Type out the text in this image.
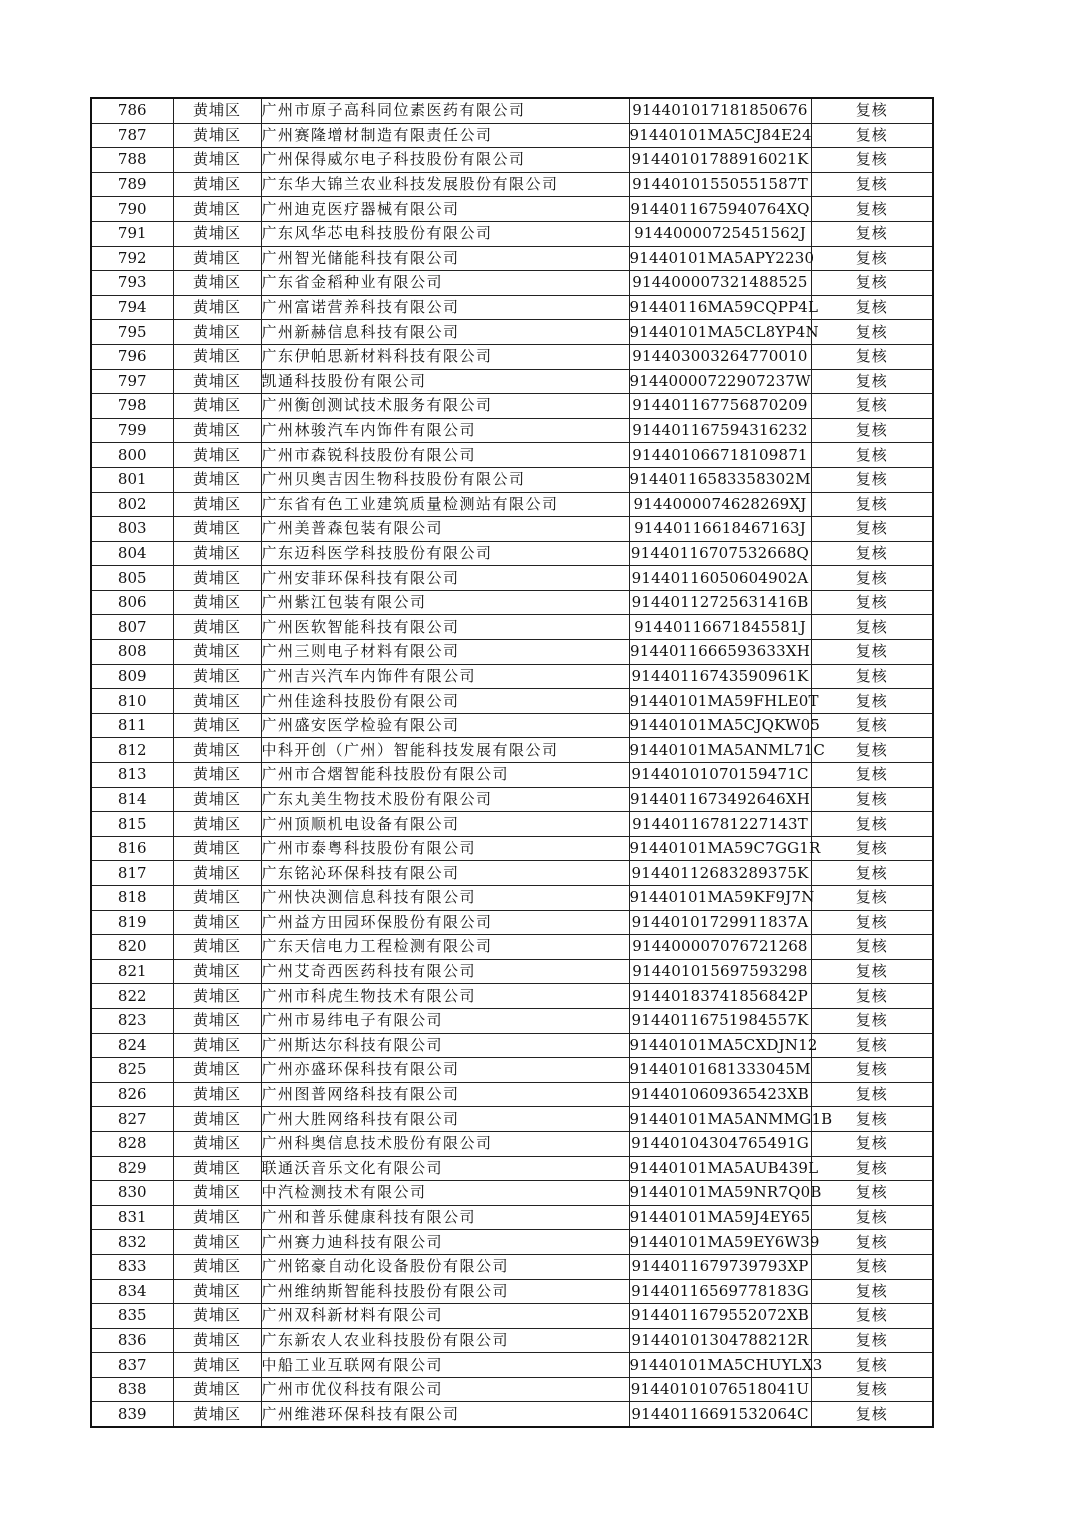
786	黄埔区	广州市原子高科同位素医药有限公司	914401017181850676	复核
787	黄埔区	广州赛隆增材制造有限责任公司	91440101MA5CJ84E24	复核
788	黄埔区	广州保得威尔电子科技股份有限公司	91440101788916021K	复核
789	黄埔区	广东华大锦兰农业科技发展股份有限公司	91440101550551587T	复核
790	黄埔区	广州迪克医疗器械有限公司	9144011675940764XQ	复核
791	黄埔区	广东风华芯电科技股份有限公司	91440000725451562J	复核
792	黄埔区	广州智光储能科技有限公司	91440101MA5APY2230	复核
793	黄埔区	广东省金稻种业有限公司	914400007321488525	复核
794	黄埔区	广州富诺营养科技有限公司	91440116MA59CQPP4L	复核
795	黄埔区	广州新赫信息科技有限公司	91440101MA5CL8YP4N	复核
796	黄埔区	广东伊帕思新材料科技有限公司	914403003264770010	复核
797	黄埔区	凯通科技股份有限公司	91440000722907237W	复核
798	黄埔区	广州衡创测试技术服务有限公司	914401167756870209	复核
799	黄埔区	广州林骏汽车内饰件有限公司	914401167594316232	复核
800	黄埔区	广州市森锐科技股份有限公司	914401066718109871	复核
801	黄埔区	广州贝奥吉因生物科技股份有限公司	91440116583358302M	复核
802	黄埔区	广东省有色工业建筑质量检测站有限公司	9144000074628269XJ	复核
803	黄埔区	广州美普森包装有限公司	91440116618467163J	复核
804	黄埔区	广东迈科医学科技股份有限公司	91440116707532668Q	复核
805	黄埔区	广州安菲环保科技有限公司	91440116050604902A	复核
806	黄埔区	广州紫江包装有限公司	91440112725631416B	复核
807	黄埔区	广州医软智能科技有限公司	91440116671845581J	复核
808	黄埔区	广州三则电子材料有限公司	9144011666593633XH	复核
809	黄埔区	广州吉兴汽车内饰件有限公司	91440116743590961K	复核
810	黄埔区	广州佳途科技股份有限公司	91440101MA59FHLE0T	复核
811	黄埔区	广州盛安医学检验有限公司	91440101MA5CJQKW05	复核
812	黄埔区	中科开创（广州）智能科技发展有限公司	91440101MA5ANML71C	复核
813	黄埔区	广州市合熠智能科技股份有限公司	91440101070159471C	复核
814	黄埔区	广东丸美生物技术股份有限公司	9144011673492646XH	复核
815	黄埔区	广州顶顺机电设备有限公司	91440116781227143T	复核
816	黄埔区	广州市泰粤科技股份有限公司	91440101MA59C7GG1R	复核
817	黄埔区	广东铭沁环保科技有限公司	91440112683289375K	复核
818	黄埔区	广州快决测信息科技有限公司	91440101MA59KF9J7N	复核
819	黄埔区	广州益方田园环保股份有限公司	91440101729911837A	复核
820	黄埔区	广东天信电力工程检测有限公司	914400007076721268	复核
821	黄埔区	广州艾奇西医药科技有限公司	914401015697593298	复核
822	黄埔区	广州市科虎生物技术有限公司	91440183741856842P	复核
823	黄埔区	广州市易纬电子有限公司	91440116751984557K	复核
824	黄埔区	广州斯达尔科技有限公司	91440101MA5CXDJN12	复核
825	黄埔区	广州亦盛环保科技有限公司	91440101681333045M	复核
826	黄埔区	广州图普网络科技有限公司	9144010609365423XB	复核
827	黄埔区	广州大胜网络科技有限公司	91440101MA5ANMMG1B	复核
828	黄埔区	广州科奥信息技术股份有限公司	91440104304765491G	复核
829	黄埔区	联通沃音乐文化有限公司	91440101MA5AUB439L	复核
830	黄埔区	中汽检测技术有限公司	91440101MA59NR7Q0B	复核
831	黄埔区	广州和普乐健康科技有限公司	91440101MA59J4EY65	复核
832	黄埔区	广州赛力迪科技有限公司	91440101MA59EY6W39	复核
833	黄埔区	广州铭豪自动化设备股份有限公司	9144011679739793XP	复核
834	黄埔区	广州维纳斯智能科技股份有限公司	91440116569778183G	复核
835	黄埔区	广州双科新材料有限公司	9144011679552072XB	复核
836	黄埔区	广东新农人农业科技股份有限公司	91440101304788212R	复核
837	黄埔区	中船工业互联网有限公司	91440101MA5CHUYLX3	复核
838	黄埔区	广州市优仪科技有限公司	91440101076518041U	复核
839	黄埔区	广州维港环保科技有限公司	91440116691532064C	复核
